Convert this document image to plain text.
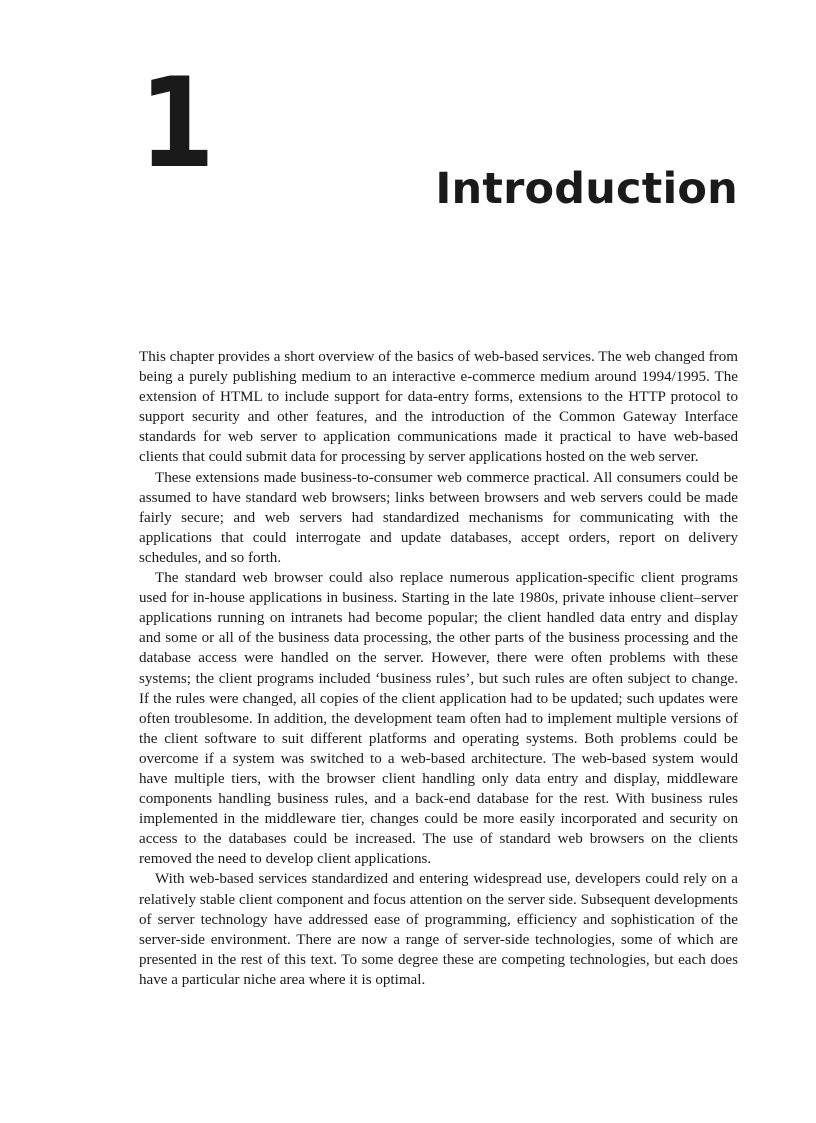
1	Introduction

This chapter provides a short overview of the basics of web-based services. The web changed from being a purely publishing medium to an interactive e-commerce medium around 1994/1995. The extension of HTML to include support for data-entry forms, extensions to the HTTP protocol to support security and other features, and the introduction of the Common Gateway Interface standards for web server to application communications made it practical to have web-based clients that could submit data for processing by server applications hosted on the web server.

These extensions made business-to-consumer web commerce practical. All consumers could be assumed to have standard web browsers; links between browsers and web servers could be made fairly secure; and web servers had standardized mechanisms for communicating with the applications that could interrogate and update databases, accept orders, report on delivery schedules, and so forth.

The standard web browser could also replace numerous application-specific client programs used for in-house applications in business. Starting in the late 1980s, private inhouse client–server applications running on intranets had become popular; the client handled data entry and display and some or all of the business data processing, the other parts of the business processing and the database access were handled on the server. However, there were often problems with these systems; the client programs included ‘business rules’, but such rules are often subject to change. If the rules were changed, all copies of the client application had to be updated; such updates were often troublesome. In addition, the development team often had to implement multiple versions of the client software to suit different platforms and operating systems. Both problems could be overcome if a system was switched to a web-based architecture. The web-based system would have multiple tiers, with the browser client handling only data entry and display, middleware components handling business rules, and a back-end database for the rest. With business rules implemented in the middleware tier, changes could be more easily incorporated and security on access to the databases could be increased. The use of standard web browsers on the clients removed the need to develop client applications.

With web-based services standardized and entering widespread use, developers could rely on a relatively stable client component and focus attention on the server side. Subsequent developments of server technology have addressed ease of programming, efficiency and sophistication of the server-side environment. There are now a range of server-side technologies, some of which are presented in the rest of this text. To some degree these are competing technologies, but each does have a particular niche area where it is optimal.
